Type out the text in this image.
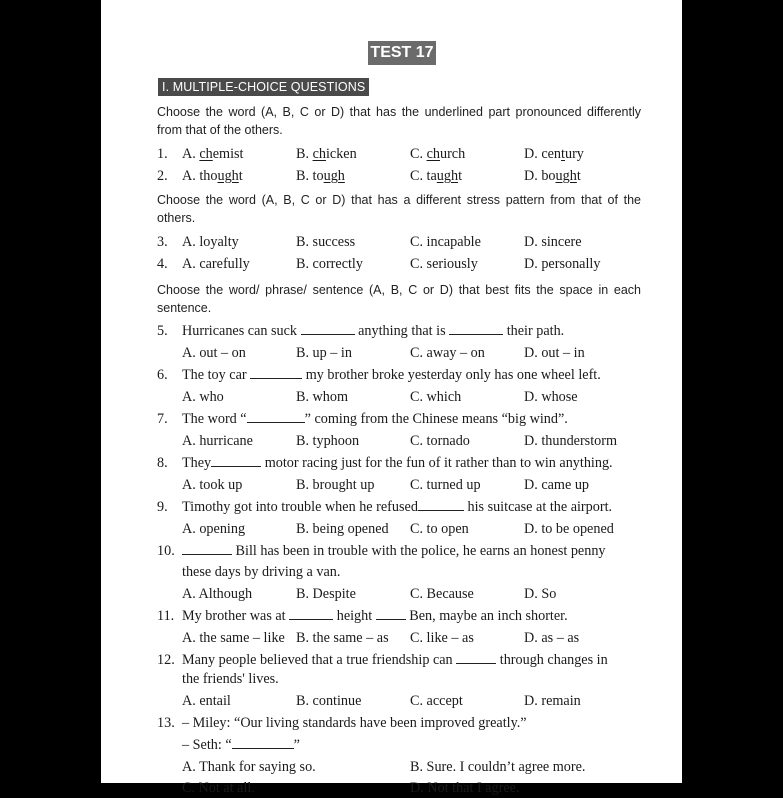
TEST 17
I. MULTIPLE-CHOICE QUESTIONS
Choose the word (A, B, C or D) that has the underlined part pronounced differently from that of the others.
1. A. chemist	B. chicken	C. church	D. century
2. A. thought	B. tough	C. taught	D. bought
Choose the word (A, B, C or D) that has a different stress pattern from that of the others.
3. A. loyalty	B. success	C. incapable	D. sincere
4. A. carefully	B. correctly	C. seriously	D. personally
Choose the word/ phrase/ sentence (A, B, C or D) that best fits the space in each sentence.
5. Hurricanes can suck	anything that is	their path.
A. out – on	B. up – in	C. away – on	D. out – in
6. The toy car	my brother broke yesterday only has one wheel left.
A. who	B. whom	C. which	D. whose
7. The word “	” coming from the Chinese means “big wind”.
A. hurricane	B. typhoon	C. tornado	D. thunderstorm
8. They	motor racing just for the fun of it rather than to win anything.
A. took up	B. brought up	C. turned up	D. came up
9. Timothy got into trouble when he refused	his suitcase at the airport.
A. opening	B. being opened C. to open	D. to be opened
10.	Bill has been in trouble with the police, he earns an honest penny
these days by driving a van.
A. Although	B. Despite	C. Because	D. So
11. My brother was at	height	Ben, maybe an inch shorter.
A. the same – like B. the same – as C. like – as	D. as – as
12. Many people believed that a true friendship can	through changes in
the friends' lives.
A. entail	B. continue	C. accept	D. remain
13. – Miley: “Our living standards have been improved greatly.”
– Seth: “	”
A. Thank for saying so.	B. Sure. I couldn’t agree more.
C. Not at all.	D. Not that I agree.
